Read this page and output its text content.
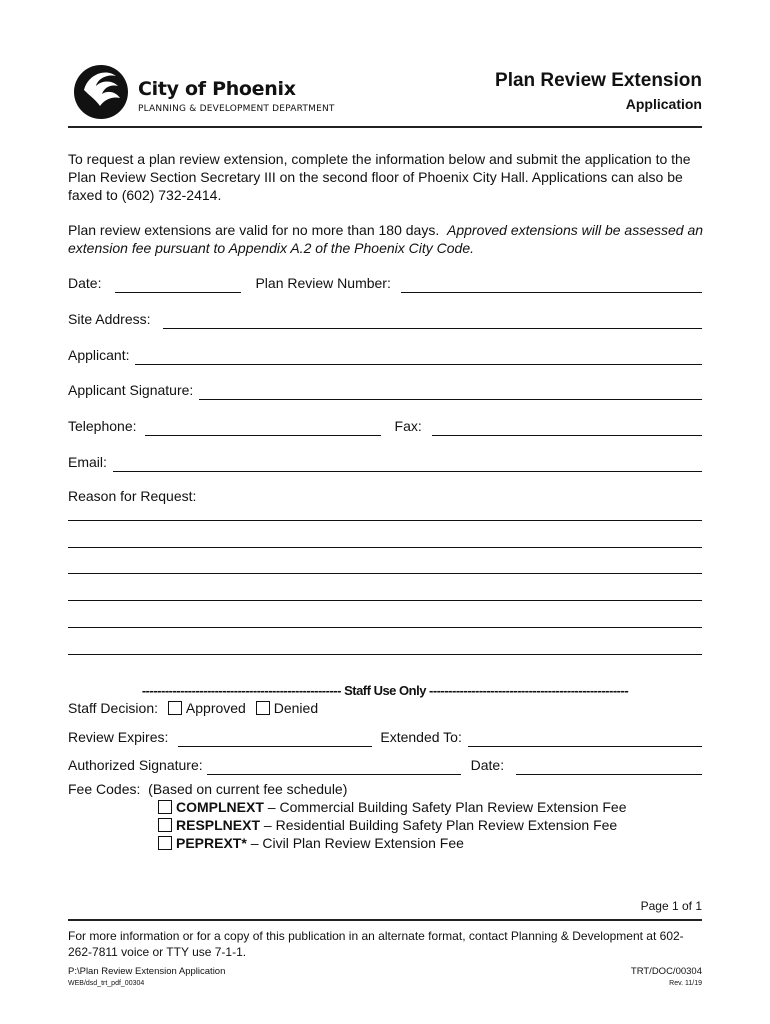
City of Phoenix
PLANNING & DEVELOPMENT DEPARTMENT
Plan Review Extension
Application
To request a plan review extension, complete the information below and submit the application to the Plan Review Section Secretary III on the second floor of Phoenix City Hall. Applications can also be faxed to (602) 732-2414.
Plan review extensions are valid for no more than 180 days. Approved extensions will be assessed an extension fee pursuant to Appendix A.2 of the Phoenix City Code.
Date:	Plan Review Number:
Site Address:
Applicant:
Applicant Signature:
Telephone:	Fax:
Email:
Reason for Request:
---------------------------------------------------- Staff Use Only ----------------------------------------------------
Staff Decision: Approved Denied
Review Expires:	Extended To:
Authorized Signature:	Date:
Fee Codes: (Based on current fee schedule)
COMPLNEXT – Commercial Building Safety Plan Review Extension Fee
RESPLNEXT – Residential Building Safety Plan Review Extension Fee
PEPREXT* – Civil Plan Review Extension Fee
Page 1 of 1
For more information or for a copy of this publication in an alternate format, contact Planning & Development at 602-262-7811 voice or TTY use 7-1-1.
P:\Plan Review Extension Application
WEB/dsd_trt_pdf_00304
TRT/DOC/00304
Rev. 11/19
